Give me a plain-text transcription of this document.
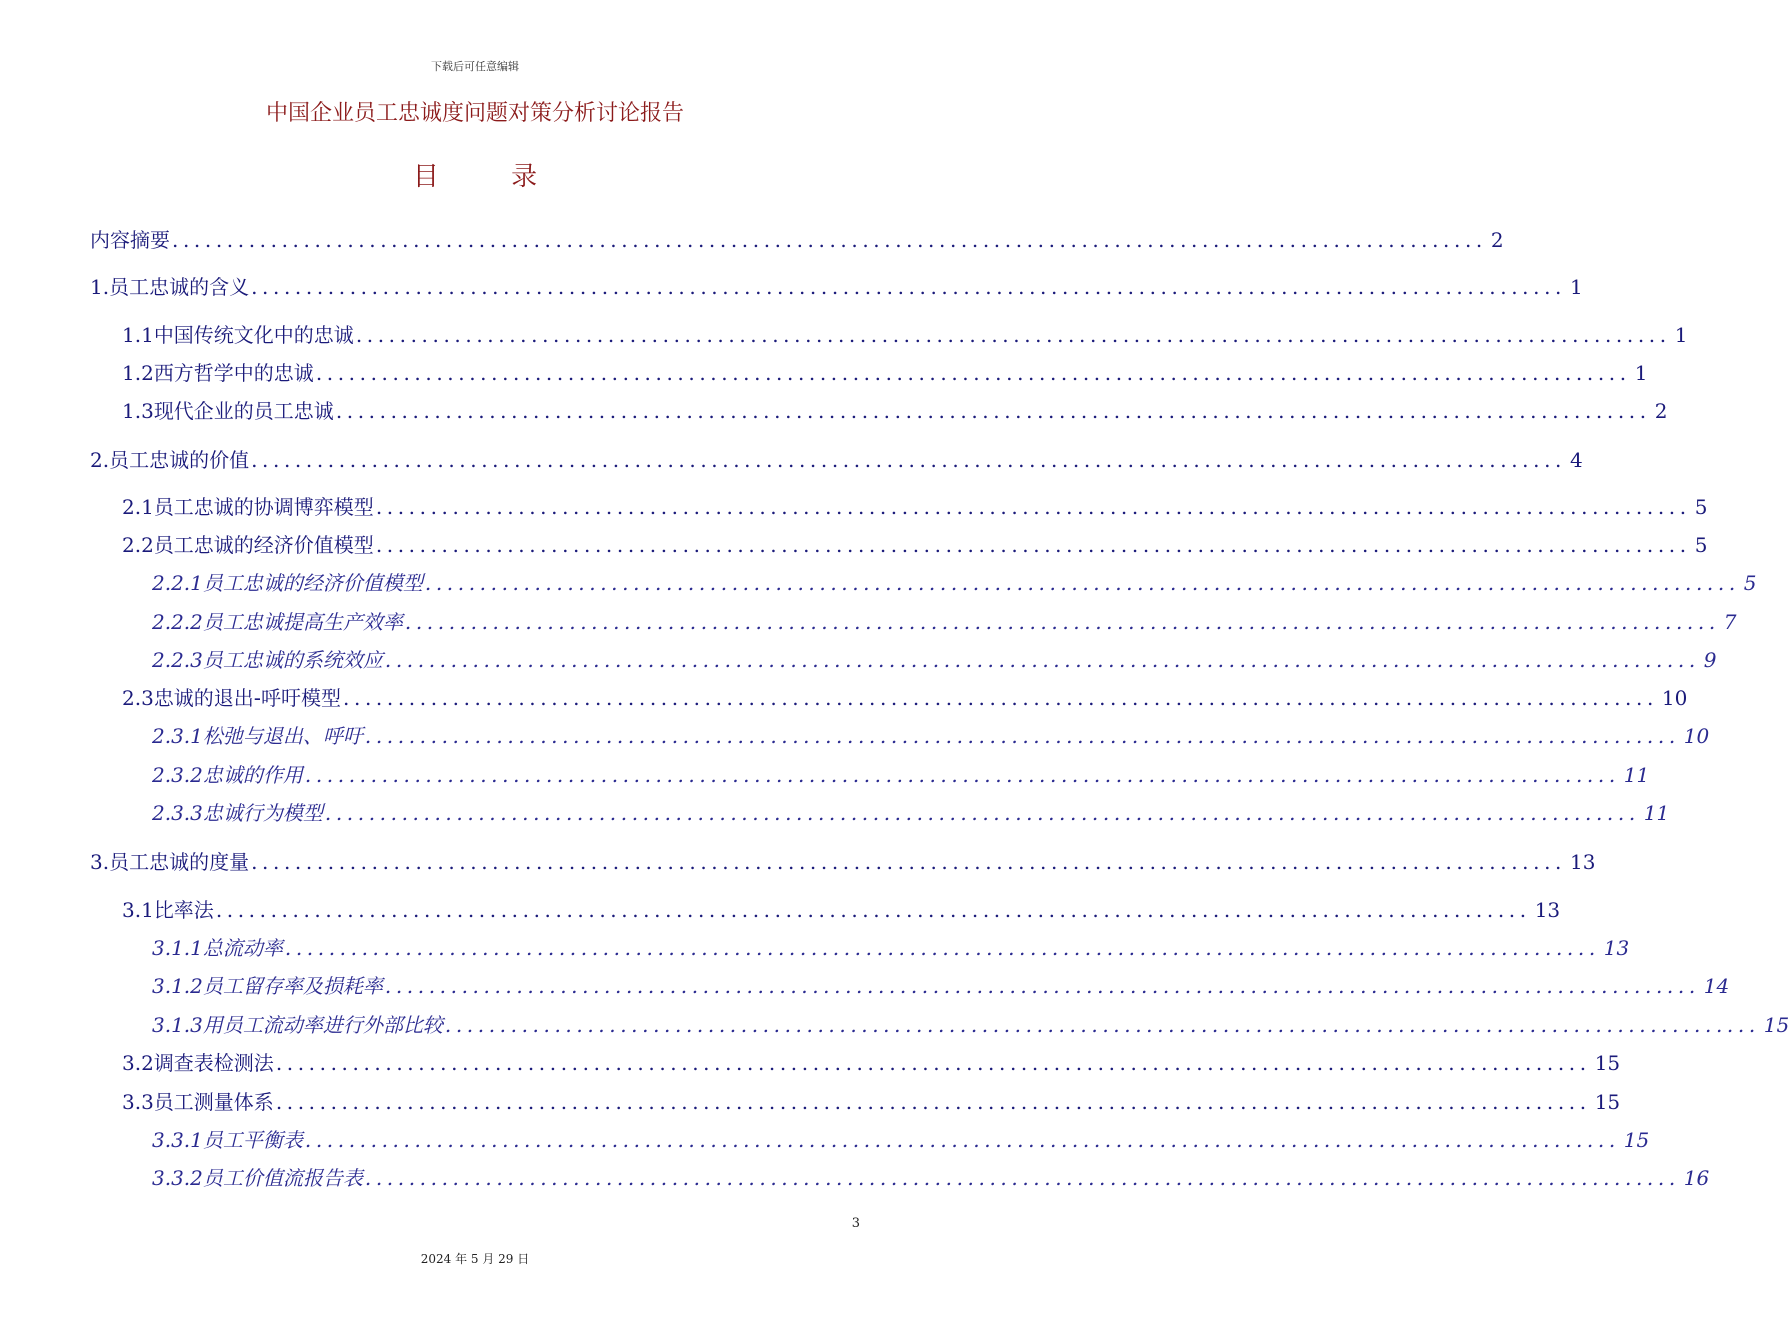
下载后可任意编辑
中国企业员工忠诚度问题对策分析讨论报告
目 录
内容摘要 ........................................................................................................................ 2
1. 员工忠诚的含义 ........................................................................................................................ 1
1.1 中国传统文化中的忠诚 ........................................................................................................................ 1
1.2 西方哲学中的忠诚 ........................................................................................................................ 1
1.3 现代企业的员工忠诚 ........................................................................................................................ 2
2. 员工忠诚的价值 ........................................................................................................................ 4
2.1 员工忠诚的协调博弈模型 ........................................................................................................................ 5
2.2 员工忠诚的经济价值模型 ........................................................................................................................ 5
2.2.1 员工忠诚的经济价值模型 ........................................................................................................................ 5
2.2.2 员工忠诚提高生产效率 ........................................................................................................................ 7
2.2.3 员工忠诚的系统效应 ........................................................................................................................ 9
2.3 忠诚的退出-呼吁模型 ........................................................................................................................ 10
2.3.1 松弛与退出、呼吁 ........................................................................................................................ 10
2.3.2 忠诚的作用 ........................................................................................................................ 11
2.3.3 忠诚行为模型 ........................................................................................................................ 11
3. 员工忠诚的度量 ........................................................................................................................ 13
3.1 比率法 ........................................................................................................................ 13
3.1.1 总流动率 ........................................................................................................................ 13
3.1.2 员工留存率及损耗率 ........................................................................................................................ 14
3.1.3 用员工流动率进行外部比较 ........................................................................................................................ 15
3.2 调查表检测法 ........................................................................................................................ 15
3.3 员工测量体系 ........................................................................................................................ 15
3.3.1 员工平衡表 ........................................................................................................................ 15
3.3.2 员工价值流报告表 ........................................................................................................................ 16
3
2024 年 5 月 29 日
